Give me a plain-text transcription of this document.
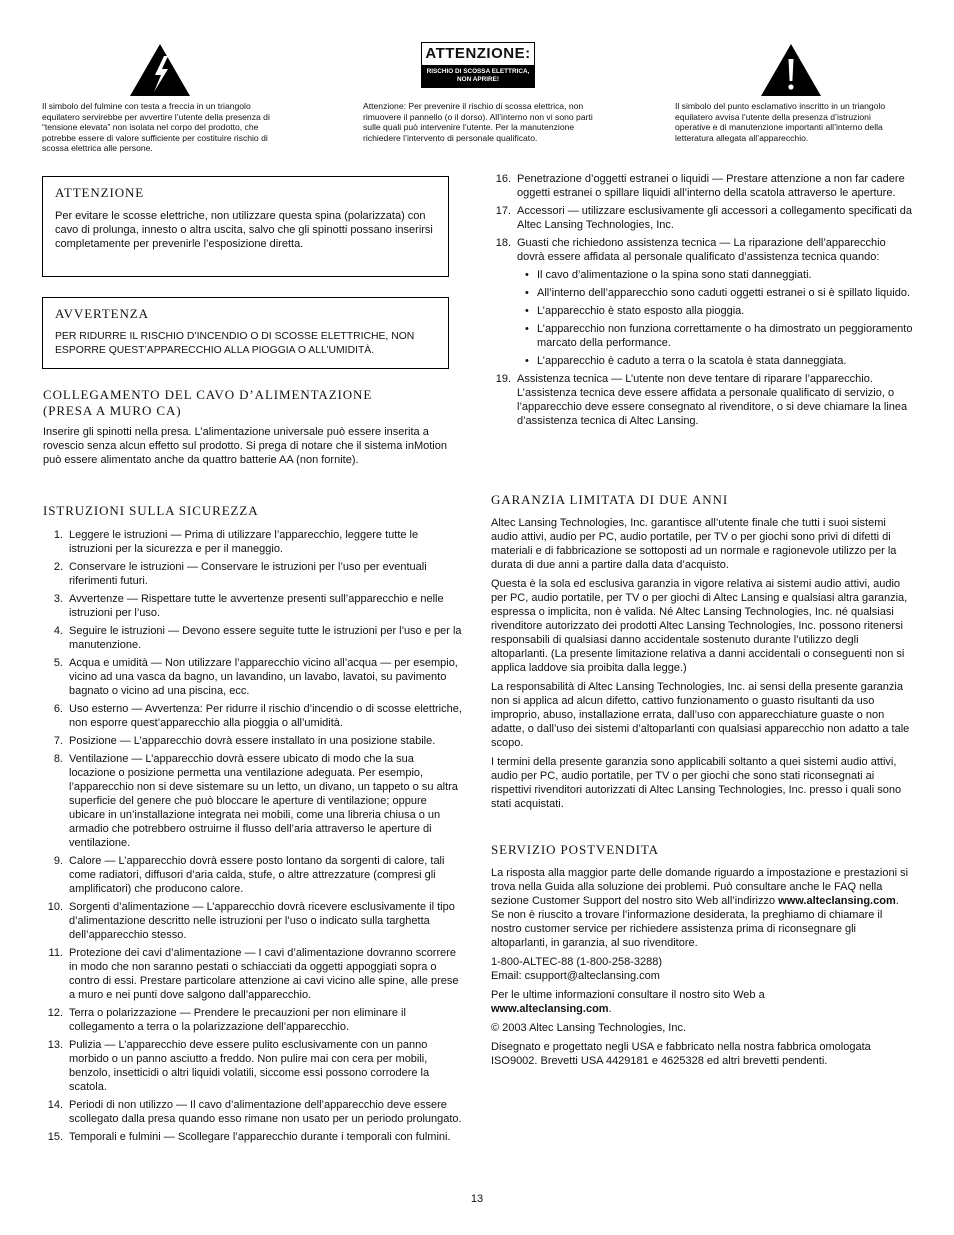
Il simbolo del fulmine con testa a freccia in un triangolo equilatero servirebbe per avvertire l’utente della presenza di “tensione elevata” non isolata nel corpo del prodotto, che potrebbe essere di valore sufficiente per costituire rischio di scossa elettrica alle persone.
ATTENZIONE:
RISCHIO DI SCOSSA ELETTRICA,
NON APRIRE!
Attenzione: Per prevenire il rischio di scossa elettrica, non rimuovere il pannello (o il dorso). All’interno non vi sono parti sulle quali può intervenire l’utente. Per la manutenzione richiedere l’intervento di personale qualificato.
Il simbolo del punto esclamativo inscritto in un triangolo equilatero avvisa l’utente della presenza d’istruzioni operative e di manutenzione importanti all’interno della letteratura allegata all’apparecchio.
ATTENZIONE
Per evitare le scosse elettriche, non utilizzare questa spina (polarizzata) con cavo di prolunga, innesto o altra uscita, salvo che gli spinotti possano inserirsi completamente per prevenirle l’esposizione diretta.
AVVERTENZA
PER RIDURRE IL RISCHIO D’INCENDIO O DI SCOSSE ELETTRICHE, NON ESPORRE QUEST’APPARECCHIO ALLA PIOGGIA O ALL’UMIDITÀ.
COLLEGAMENTO DEL CAVO D’ALIMENTAZIONE
(PRESA A MURO CA)
Inserire gli spinotti nella presa. L’alimentazione universale può essere inserita a rovescio senza alcun effetto sul prodotto. Si prega di notare che il sistema inMotion può essere alimentato anche da quattro batterie AA (non fornite).
ISTRUZIONI SULLA SICUREZZA
1. Leggere le istruzioni — Prima di utilizzare l’apparecchio, leggere tutte le istruzioni per la sicurezza e per il maneggio.
2. Conservare le istruzioni — Conservare le istruzioni per l’uso per eventuali riferimenti futuri.
3. Avvertenze — Rispettare tutte le avvertenze presenti sull’apparecchio e nelle istruzioni per l’uso.
4. Seguire le istruzioni — Devono essere seguite tutte le istruzioni per l’uso e per la manutenzione.
5. Acqua e umidità — Non utilizzare l’apparecchio vicino all’acqua — per esempio, vicino ad una vasca da bagno, un lavandino, un lavabo, lavatoi, su pavimento bagnato o vicino ad una piscina, ecc.
6. Uso esterno — Avvertenza: Per ridurre il rischio d’incendio o di scosse elettriche, non esporre quest’apparecchio alla pioggia o all’umidità.
7. Posizione — L’apparecchio dovrà essere installato in una posizione stabile.
8. Ventilazione — L’apparecchio dovrà essere ubicato di modo che la sua locazione o posizione permetta una ventilazione adeguata. Per esempio, l’apparecchio non si deve sistemare su un letto, un divano, un tappeto o su altra superficie del genere che può bloccare le aperture di ventilazione; oppure ubicare in un’installazione integrata nei mobili, come una libreria chiusa o un armadio che potrebbero ostruirne il flusso dell’aria attraverso le aperture di ventilazione.
9. Calore — L’apparecchio dovrà essere posto lontano da sorgenti di calore, tali come radiatori, diffusori d’aria calda, stufe, o altre attrezzature (compresi gli amplificatori) che producono calore.
10. Sorgenti d’alimentazione — L’apparecchio dovrà ricevere esclusivamente il tipo d’alimentazione descritto nelle istruzioni per l’uso o indicato sulla targhetta dell’apparecchio stesso.
11. Protezione dei cavi d’alimentazione — I cavi d’alimentazione dovranno scorrere in modo che non saranno pestati o schiacciati da oggetti appoggiati sopra o contro di essi. Prestare particolare attenzione ai cavi vicino alle spine, alle prese a muro e nei punti dove salgono dall’apparecchio.
12. Terra o polarizzazione — Prendere le precauzioni per non eliminare il collegamento a terra o la polarizzazione dell’apparecchio.
13. Pulizia — L’apparecchio deve essere pulito esclusivamente con un panno morbido o un panno asciutto a freddo. Non pulire mai con cera per mobili, benzolo, insetticidi o altri liquidi volatili, siccome essi possono corrodere la scatola.
14. Periodi di non utilizzo — Il cavo d’alimentazione dell’apparecchio deve essere scollegato dalla presa quando esso rimane non usato per un periodo prolungato.
15. Temporali e fulmini — Scollegare l’apparecchio durante i temporali con fulmini.
16. Penetrazione d’oggetti estranei o liquidi — Prestare attenzione a non far cadere oggetti estranei o spillare liquidi all’interno della scatola attraverso le aperture.
17. Accessori — utilizzare esclusivamente gli accessori a collegamento specificati da Altec Lansing Technologies, Inc.
18. Guasti che richiedono assistenza tecnica — La riparazione dell’apparecchio dovrà essere affidata al personale qualificato d’assistenza tecnica quando:
• Il cavo d’alimentazione o la spina sono stati danneggiati.
• All’interno dell’apparecchio sono caduti oggetti estranei o si è spillato liquido.
• L’apparecchio è stato esposto alla pioggia.
• L’apparecchio non funziona correttamente o ha dimostrato un peggioramento marcato della performance.
• L’apparecchio è caduto a terra o la scatola è stata danneggiata.
19. Assistenza tecnica — L’utente non deve tentare di riparare l’apparecchio. L’assistenza tecnica deve essere affidata a personale qualificato di servizio, o l’apparecchio deve essere consegnato al rivenditore, o si deve chiamare la linea d’assistenza tecnica di Altec Lansing.
GARANZIA LIMITATA DI DUE ANNI
Altec Lansing Technologies, Inc. garantisce all’utente finale che tutti i suoi sistemi audio attivi, audio per PC, audio portatile, per TV o per giochi sono privi di difetti di materiali e di fabbricazione se sottoposti ad un normale e ragionevole utilizzo per la durata di due anni a partire dalla data d’acquisto.
Questa è la sola ed esclusiva garanzia in vigore relativa ai sistemi audio attivi, audio per PC, audio portatile, per TV o per giochi di Altec Lansing e qualsiasi altra garanzia, espressa o implicita, non è valida. Né Altec Lansing Technologies, Inc. né qualsiasi rivenditore autorizzato dei prodotti Altec Lansing Technologies, Inc. possono ritenersi responsabili di qualsiasi danno accidentale sostenuto durante l’utilizzo degli altoparlanti. (La presente limitazione relativa a danni accidentali o conseguenti non si applica laddove sia proibita dalla legge.)
La responsabilità di Altec Lansing Technologies, Inc. ai sensi della presente garanzia non si applica ad alcun difetto, cattivo funzionamento o guasto risultanti da uso improprio, abuso, installazione errata, dall’uso con apparecchiature guaste o non adatte, o dall’uso dei sistemi d’altoparlanti con qualsiasi apparecchio non adatto a tale scopo.
I termini della presente garanzia sono applicabili soltanto a quei sistemi audio attivi, audio per PC, audio portatile, per TV o per giochi che sono stati riconsegnati ai rispettivi rivenditori autorizzati di Altec Lansing Technologies, Inc. presso i quali sono stati acquistati.
SERVIZIO POSTVENDITA
La risposta alla maggior parte delle domande riguardo a impostazione e prestazioni si trova nella Guida alla soluzione dei problemi. Può consultare anche le FAQ nella sezione Customer Support del nostro sito Web all’indirizzo www.alteclansing.com. Se non è riuscito a trovare l’informazione desiderata, la preghiamo di chiamare il nostro customer service per richiedere assistenza prima di riconsegnare gli altoparlanti, in garanzia, al suo rivenditore.
1-800-ALTEC-88 (1-800-258-3288)
Email: csupport@alteclansing.com
Per le ultime informazioni consultare il nostro sito Web a
www.alteclansing.com.
© 2003 Altec Lansing Technologies, Inc.
Disegnato e progettato negli USA e fabbricato nella nostra fabbrica omologata ISO9002. Brevetti USA 4429181 e 4625328 ed altri brevetti pendenti.
13
